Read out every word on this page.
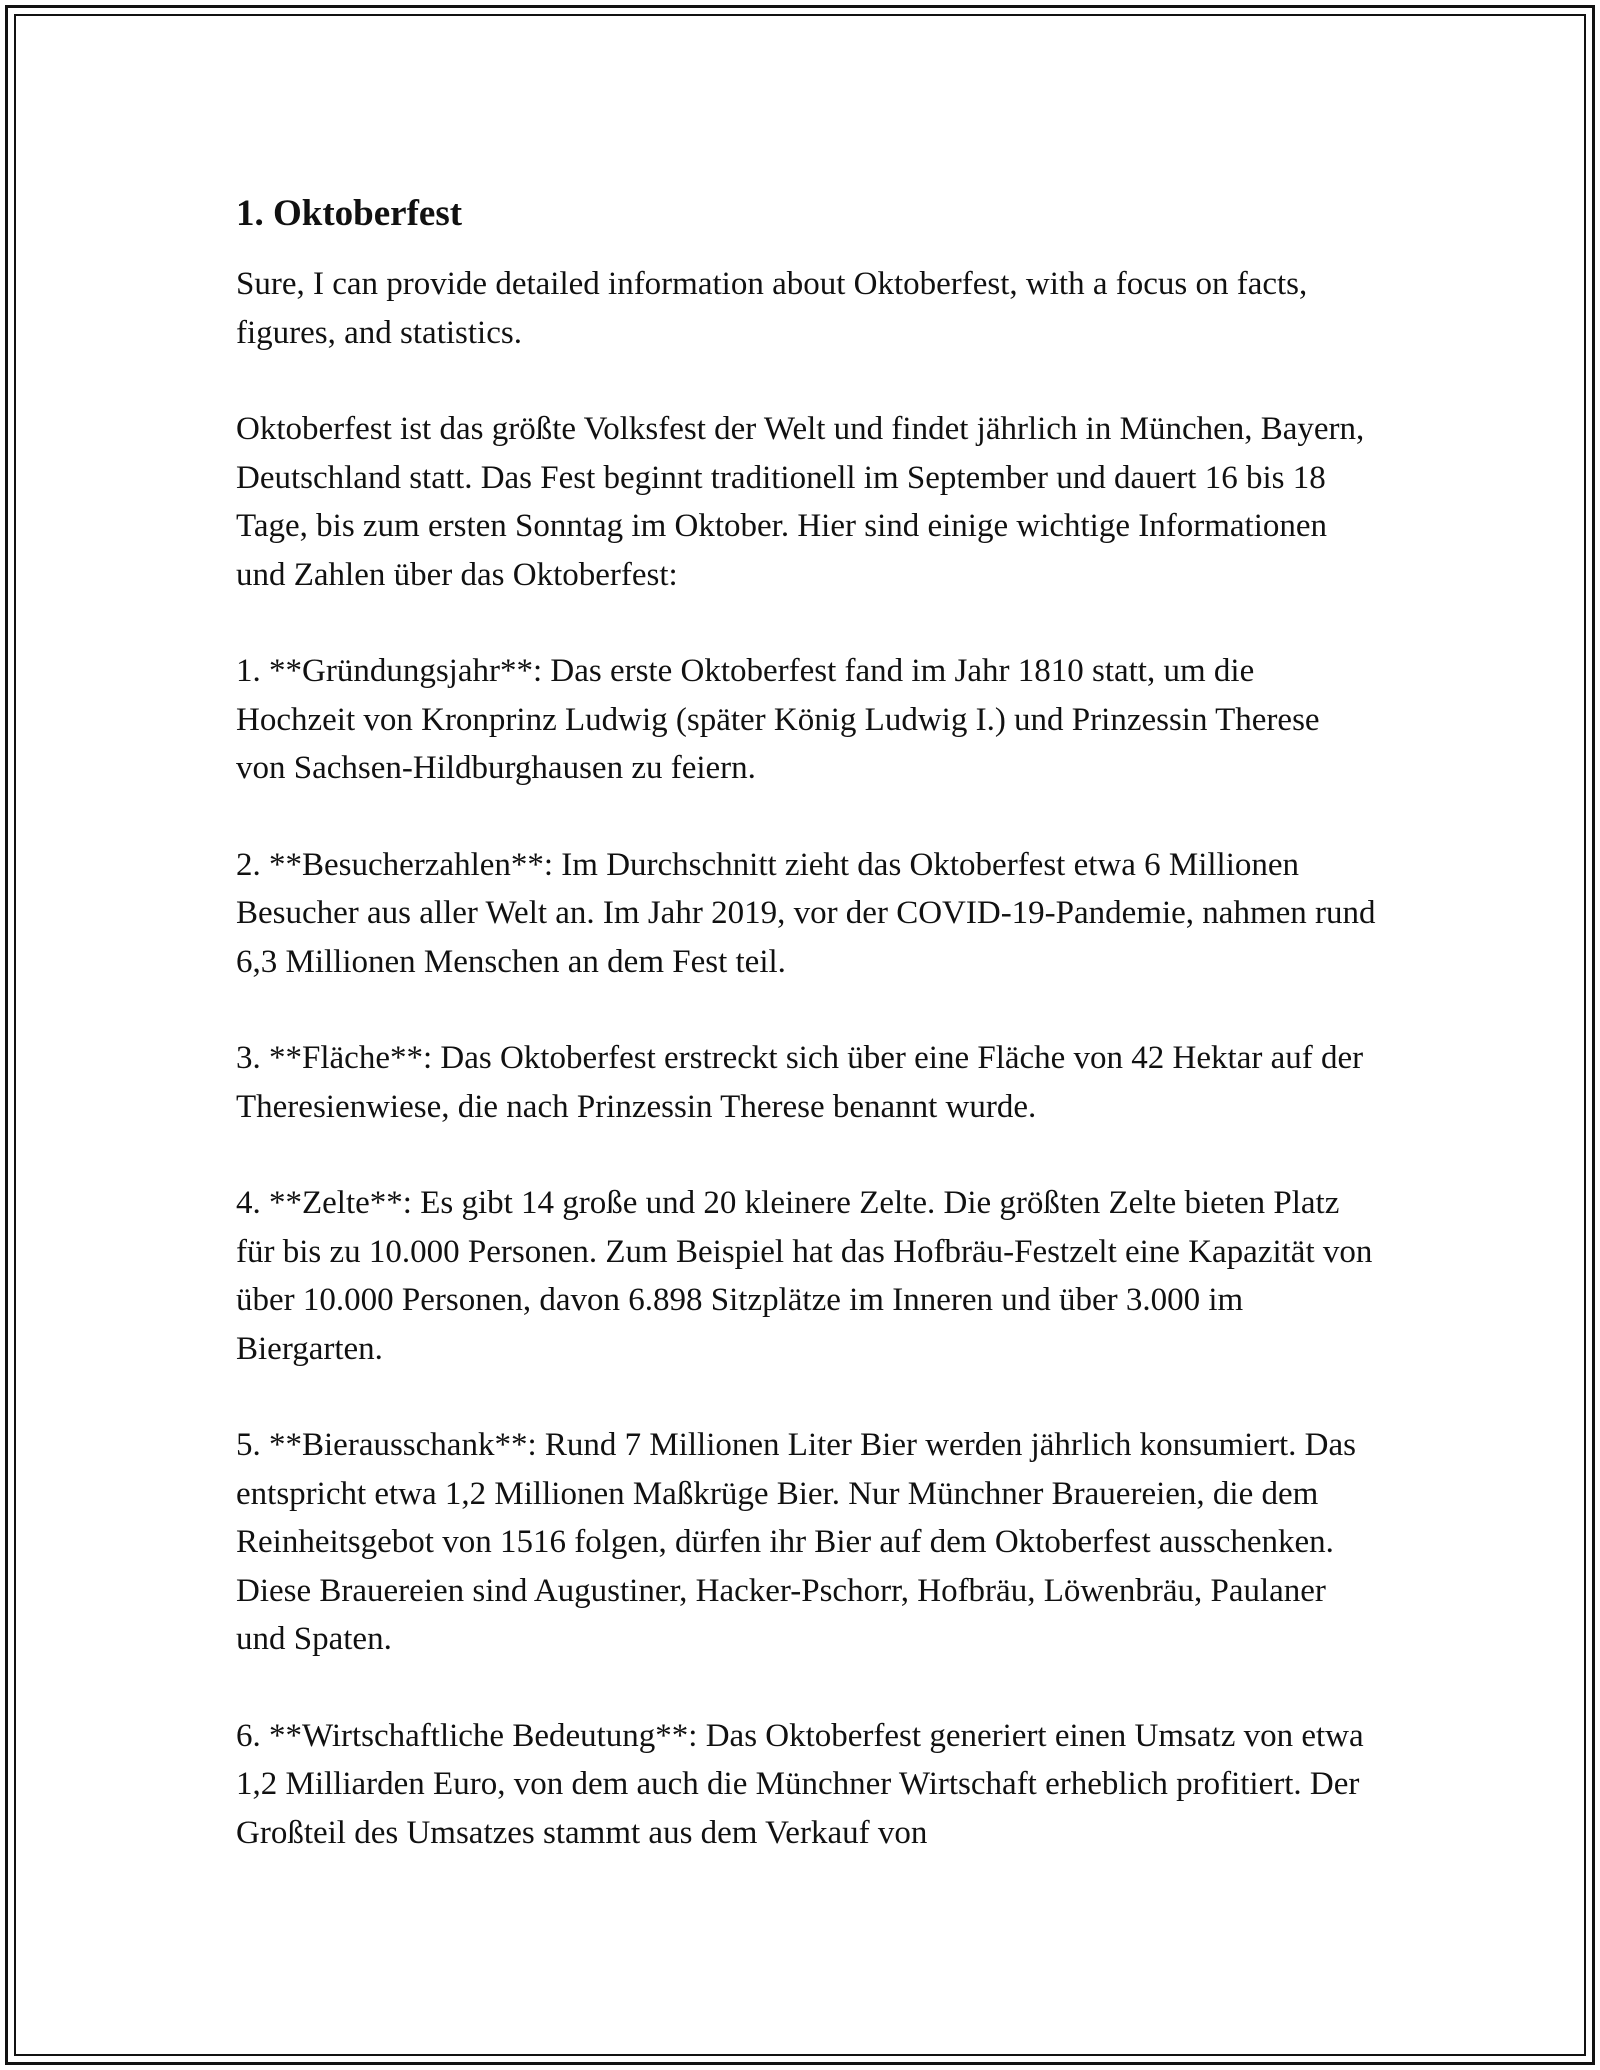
1. Oktoberfest

Sure, I can provide detailed information about Oktoberfest, with a focus on facts, figures, and statistics.

Oktoberfest ist das größte Volksfest der Welt und findet jährlich in München, Bayern, Deutschland statt. Das Fest beginnt traditionell im September und dauert 16 bis 18 Tage, bis zum ersten Sonntag im Oktober. Hier sind einige wichtige Informationen und Zahlen über das Oktoberfest:

1. **Gründungsjahr**: Das erste Oktoberfest fand im Jahr 1810 statt, um die Hochzeit von Kronprinz Ludwig (später König Ludwig I.) und Prinzessin Therese von Sachsen-Hildburghausen zu feiern.

2. **Besucherzahlen**: Im Durchschnitt zieht das Oktoberfest etwa 6 Millionen Besucher aus aller Welt an. Im Jahr 2019, vor der COVID-19-Pandemie, nahmen rund 6,3 Millionen Menschen an dem Fest teil.

3. **Fläche**: Das Oktoberfest erstreckt sich über eine Fläche von 42 Hektar auf der Theresienwiese, die nach Prinzessin Therese benannt wurde.

4. **Zelte**: Es gibt 14 große und 20 kleinere Zelte. Die größten Zelte bieten Platz für bis zu 10.000 Personen. Zum Beispiel hat das Hofbräu-Festzelt eine Kapazität von über 10.000 Personen, davon 6.898 Sitzplätze im Inneren und über 3.000 im Biergarten.

5. **Bierausschank**: Rund 7 Millionen Liter Bier werden jährlich konsumiert. Das entspricht etwa 1,2 Millionen Maßkrüge Bier. Nur Münchner Brauereien, die dem Reinheitsgebot von 1516 folgen, dürfen ihr Bier auf dem Oktoberfest ausschenken. Diese Brauereien sind Augustiner, Hacker-Pschorr, Hofbräu, Löwenbräu, Paulaner und Spaten.

6. **Wirtschaftliche Bedeutung**: Das Oktoberfest generiert einen Umsatz von etwa 1,2 Milliarden Euro, von dem auch die Münchner Wirtschaft erheblich profitiert. Der Großteil des Umsatzes stammt aus dem Verkauf von
